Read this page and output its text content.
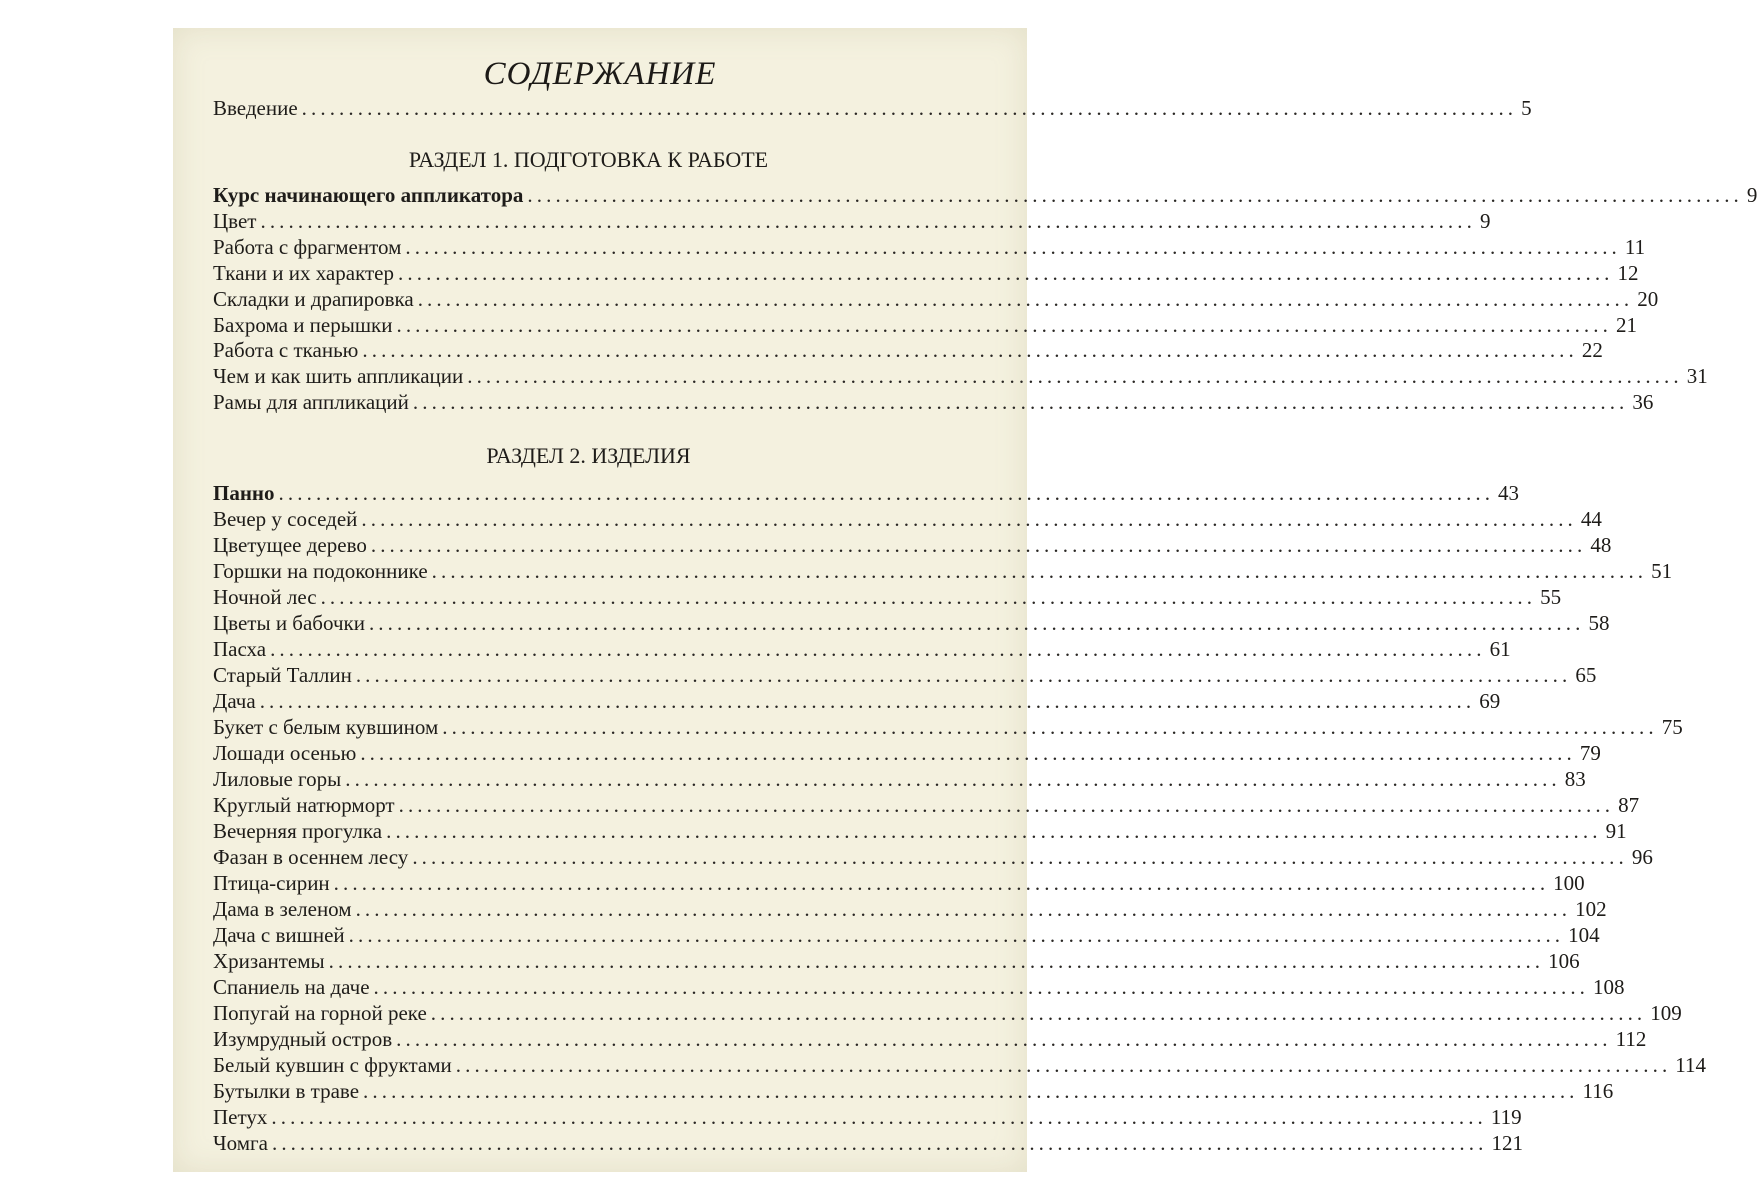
СОДЕРЖАНИЕ
Введение .................................................................................................................................. 5
РАЗДЕЛ 1. ПОДГОТОВКА К РАБОТЕ
Курс начинающего аппликатора .................................................................................................................................. 9
Цвет .................................................................................................................................. 9
Работа с фрагментом .................................................................................................................................. 11
Ткани и их характер .................................................................................................................................. 12
Складки и драпировка .................................................................................................................................. 20
Бахрома и перышки .................................................................................................................................. 21
Работа с тканью .................................................................................................................................. 22
Чем и как шить аппликации .................................................................................................................................. 31
Рамы для аппликаций .................................................................................................................................. 36
РАЗДЕЛ 2. ИЗДЕЛИЯ
Панно .................................................................................................................................. 43
Вечер у соседей .................................................................................................................................. 44
Цветущее дерево .................................................................................................................................. 48
Горшки на подоконнике .................................................................................................................................. 51
Ночной лес .................................................................................................................................. 55
Цветы и бабочки .................................................................................................................................. 58
Пасха .................................................................................................................................. 61
Старый Таллин .................................................................................................................................. 65
Дача .................................................................................................................................. 69
Букет с белым кувшином .................................................................................................................................. 75
Лошади осенью .................................................................................................................................. 79
Лиловые горы .................................................................................................................................. 83
Круглый натюрморт .................................................................................................................................. 87
Вечерняя прогулка .................................................................................................................................. 91
Фазан в осеннем лесу .................................................................................................................................. 96
Птица-сирин .................................................................................................................................. 100
Дама в зеленом .................................................................................................................................. 102
Дача с вишней .................................................................................................................................. 104
Хризантемы .................................................................................................................................. 106
Спаниель на даче .................................................................................................................................. 108
Попугай на горной реке .................................................................................................................................. 109
Изумрудный остров .................................................................................................................................. 112
Белый кувшин с фруктами .................................................................................................................................. 114
Бутылки в траве .................................................................................................................................. 116
Петух .................................................................................................................................. 119
Чомга .................................................................................................................................. 121
